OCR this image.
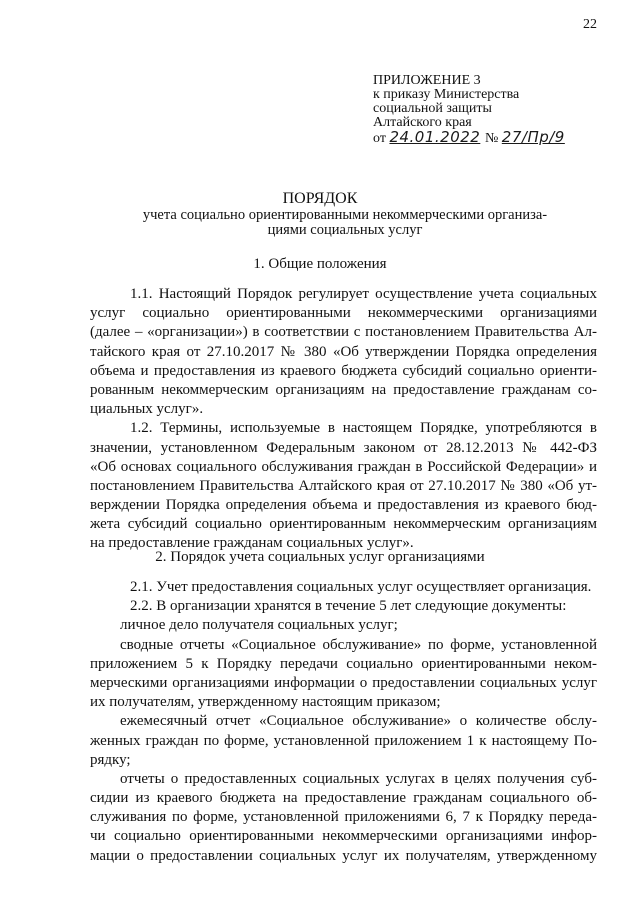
22
ПРИЛОЖЕНИЕ 3
к приказу Министерства
социальной защиты
Алтайского края
от 24.01.2022 № 27/Пр/9
ПОРЯДОК
учета социально ориентированными некоммерческими организа-
циями социальных услуг
1. Общие положения
1.1. Настоящий Порядок регулирует осуществление учета социальных
услуг социально ориентированными некоммерческими организациями
(далее – «организации») в соответствии с постановлением Правительства Ал-
тайского края от 27.10.2017 № 380 «Об утверждении Порядка определения
объема и предоставления из краевого бюджета субсидий социально ориенти-
рованным некоммерческим организациям на предоставление гражданам со-
циальных услуг».
1.2. Термины, используемые в настоящем Порядке, употребляются в
значении, установленном Федеральным законом от 28.12.2013 № 442-ФЗ
«Об основах социального обслуживания граждан в Российской Федерации» и
постановлением Правительства Алтайского края от 27.10.2017 № 380 «Об ут-
верждении Порядка определения объема и предоставления из краевого бюд-
жета субсидий социально ориентированным некоммерческим организациям
на предоставление гражданам социальных услуг».
2. Порядок учета социальных услуг организациями
2.1. Учет предоставления социальных услуг осуществляет организация.
2.2. В организации хранятся в течение 5 лет следующие документы:
личное дело получателя социальных услуг;
сводные отчеты «Социальное обслуживание» по форме, установленной
приложением 5 к Порядку передачи социально ориентированными неком-
мерческими организациями информации о предоставлении социальных услуг
их получателям, утвержденному настоящим приказом;
ежемесячный отчет «Социальное обслуживание» о количестве обслу-
женных граждан по форме, установленной приложением 1 к настоящему По-
рядку;
отчеты о предоставленных социальных услугах в целях получения суб-
сидии из краевого бюджета на предоставление гражданам социального об-
служивания по форме, установленной приложениями 6, 7 к Порядку переда-
чи социально ориентированными некоммерческими организациями инфор-
мации о предоставлении социальных услуг их получателям, утвержденному
